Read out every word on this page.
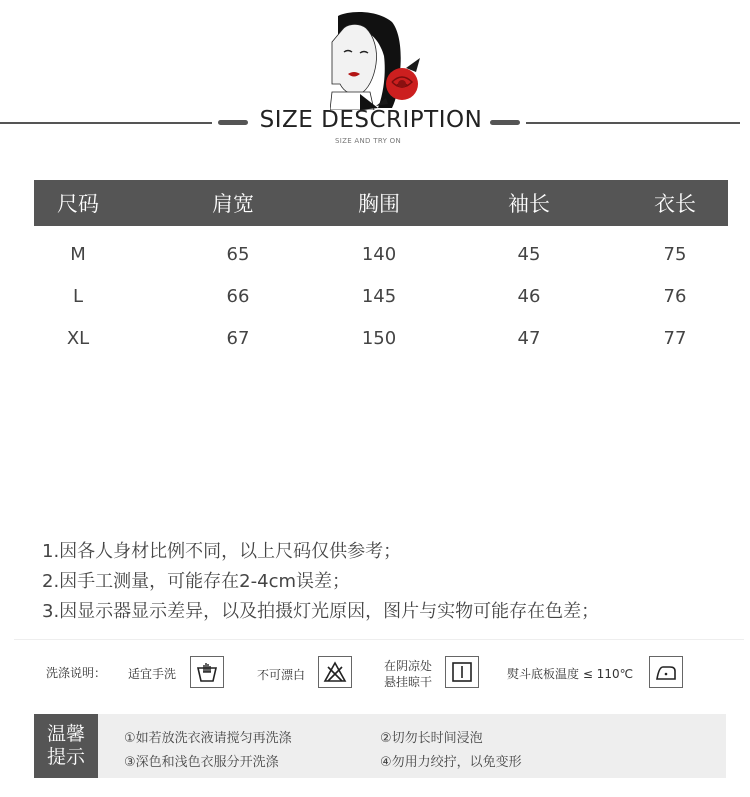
SIZE DESCRIPTION
SIZE AND TRY ON
尺码	肩宽	胸围	袖长	衣长
M	65	140	45	75
L	66	145	46	76
XL	67	150	47	77
1.因各人身材比例不同，以上尺码仅供参考；
2.因手工测量，可能存在2-4cm误差；
3.因显示器显示差异，以及拍摄灯光原因，图片与实物可能存在色差；
洗涤说明： 适宜手洗	不可漂白
在阴凉处
悬挂晾干
熨斗底板温度 ≤ 110℃
温馨
提示
①如若放洗衣液请搅匀再洗涤	②切勿长时间浸泡
③深色和浅色衣服分开洗涤	④勿用力绞拧，以免变形
